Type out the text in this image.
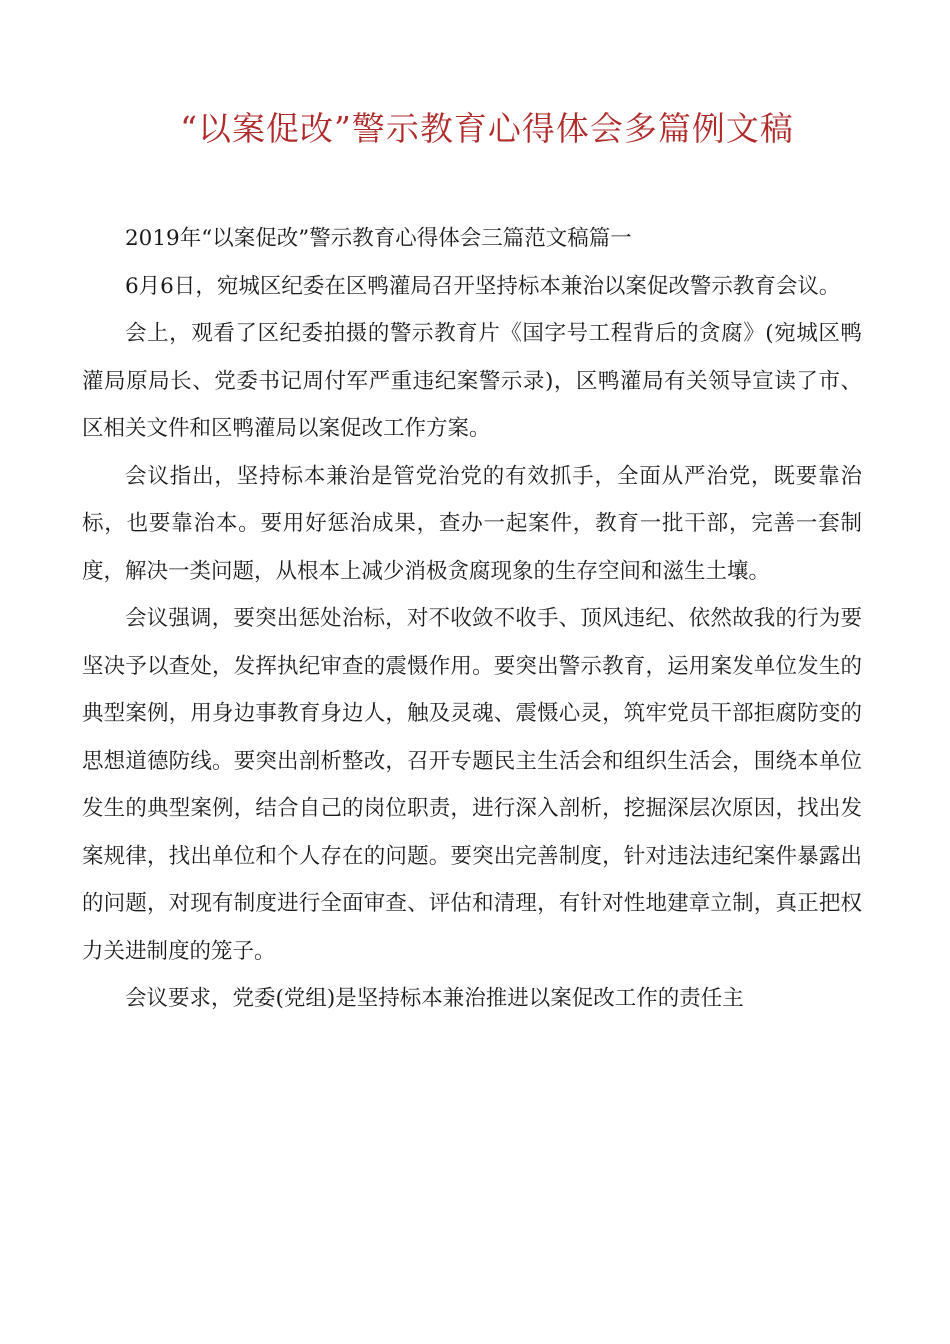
“以案促改”警示教育心得体会多篇例文稿

2019年“以案促改”警示教育心得体会三篇范文稿篇一

6月6日，宛城区纪委在区鸭灌局召开坚持标本兼治以案促改警示教育会议。

会上，观看了区纪委拍摄的警示教育片《国字号工程背后的贪腐》(宛城区鸭灌局原局长、党委书记周付军严重违纪案警示录)，区鸭灌局有关领导宣读了市、区相关文件和区鸭灌局以案促改工作方案。

会议指出，坚持标本兼治是管党治党的有效抓手，全面从严治党，既要靠治标，也要靠治本。要用好惩治成果，查办一起案件，教育一批干部，完善一套制度，解决一类问题，从根本上减少消极贪腐现象的生存空间和滋生土壤。

会议强调，要突出惩处治标，对不收敛不收手、顶风违纪、依然故我的行为要坚决予以查处，发挥执纪审查的震慑作用。要突出警示教育，运用案发单位发生的典型案例，用身边事教育身边人，触及灵魂、震慑心灵，筑牢党员干部拒腐防变的思想道德防线。要突出剖析整改，召开专题民主生活会和组织生活会，围绕本单位发生的典型案例，结合自己的岗位职责，进行深入剖析，挖掘深层次原因，找出发案规律，找出单位和个人存在的问题。要突出完善制度，针对违法违纪案件暴露出的问题，对现有制度进行全面审查、评估和清理，有针对性地建章立制，真正把权力关进制度的笼子。

会议要求，党委(党组)是坚持标本兼治推进以案促改工作的责任主
